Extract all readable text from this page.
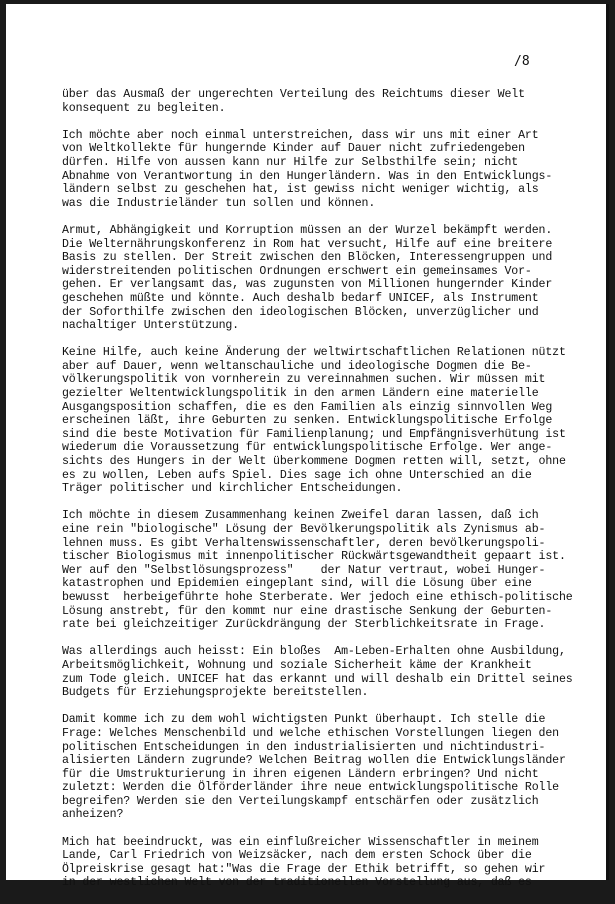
/8

über das Ausmaß der ungerechten Verteilung des Reichtums dieser Welt
konsequent zu begleiten.

Ich möchte aber noch einmal unterstreichen, dass wir uns mit einer Art
von Weltkollekte für hungernde Kinder auf Dauer nicht zufriedengeben
dürfen. Hilfe von aussen kann nur Hilfe zur Selbsthilfe sein; nicht
Abnahme von Verantwortung in den Hungerländern. Was in den Entwicklungs-
ländern selbst zu geschehen hat, ist gewiss nicht weniger wichtig, als
was die Industrieländer tun sollen und können.

Armut, Abhängigkeit und Korruption müssen an der Wurzel bekämpft werden.
Die Welternährungskonferenz in Rom hat versucht, Hilfe auf eine breitere
Basis zu stellen. Der Streit zwischen den Blöcken, Interessengruppen und
widerstreitenden politischen Ordnungen erschwert ein gemeinsames Vor-
gehen. Er verlangsamt das, was zugunsten von Millionen hungernder Kinder
geschehen müßte und könnte. Auch deshalb bedarf UNICEF, als Instrument
der Soforthilfe zwischen den ideologischen Blöcken, unverzüglicher und
nachaltiger Unterstützung.

Keine Hilfe, auch keine Änderung der weltwirtschaftlichen Relationen nützt
aber auf Dauer, wenn weltanschauliche und ideologische Dogmen die Be-
völkerungspolitik von vornherein zu vereinnahmen suchen. Wir müssen mit
gezielter Weltentwicklungspolitik in den armen Ländern eine materielle
Ausgangsposition schaffen, die es den Familien als einzig sinnvollen Weg
erscheinen läßt, ihre Geburten zu senken. Entwicklungspolitische Erfolge
sind die beste Motivation für Familienplanung; und Empfängnisverhütung ist
wiederum die Voraussetzung für entwicklungspolitische Erfolge. Wer ange-
sichts des Hungers in der Welt überkommene Dogmen retten will, setzt, ohne
es zu wollen, Leben aufs Spiel. Dies sage ich ohne Unterschied an die
Träger politischer und kirchlicher Entscheidungen.

Ich möchte in diesem Zusammenhang keinen Zweifel daran lassen, daß ich
eine rein "biologische" Lösung der Bevölkerungspolitik als Zynismus ab-
lehnen muss. Es gibt Verhaltenswissenschaftler, deren bevölkerungspoli-
tischer Biologismus mit innenpolitischer Rückwärtsgewandtheit gepaart ist.
Wer auf den "Selbstlösungsprozess"    der Natur vertraut, wobei Hunger-
katastrophen und Epidemien eingeplant sind, will die Lösung über eine
bewusst  herbeigeführte hohe Sterberate. Wer jedoch eine ethisch-politische
Lösung anstrebt, für den kommt nur eine drastische Senkung der Geburten-
rate bei gleichzeitiger Zurückdrängung der Sterblichkeitsrate in Frage.

Was allerdings auch heisst: Ein bloßes  Am-Leben-Erhalten ohne Ausbildung,
Arbeitsmöglichkeit, Wohnung und soziale Sicherheit käme der Krankheit
zum Tode gleich. UNICEF hat das erkannt und will deshalb ein Drittel seines
Budgets für Erziehungsprojekte bereitstellen.

Damit komme ich zu dem wohl wichtigsten Punkt überhaupt. Ich stelle die
Frage: Welches Menschenbild und welche ethischen Vorstellungen liegen den
politischen Entscheidungen in den industrialisierten und nichtindustri-
alisierten Ländern zugrunde? Welchen Beitrag wollen die Entwicklungsländer
für die Umstrukturierung in ihren eigenen Ländern erbringen? Und nicht
zuletzt: Werden die Ölförderländer ihre neue entwicklungspolitische Rolle
begreifen? Werden sie den Verteilungskampf entschärfen oder zusätzlich
anheizen?

Mich hat beeindruckt, was ein einflußreicher Wissenschaftler in meinem
Lande, Carl Friedrich von Weizsäcker, nach dem ersten Schock über die
Ölpreiskrise gesagt hat:"Was die Frage der Ethik betrifft, so gehen wir
in der westlichen Welt von der traditionellen Vorstellung aus, daß es
